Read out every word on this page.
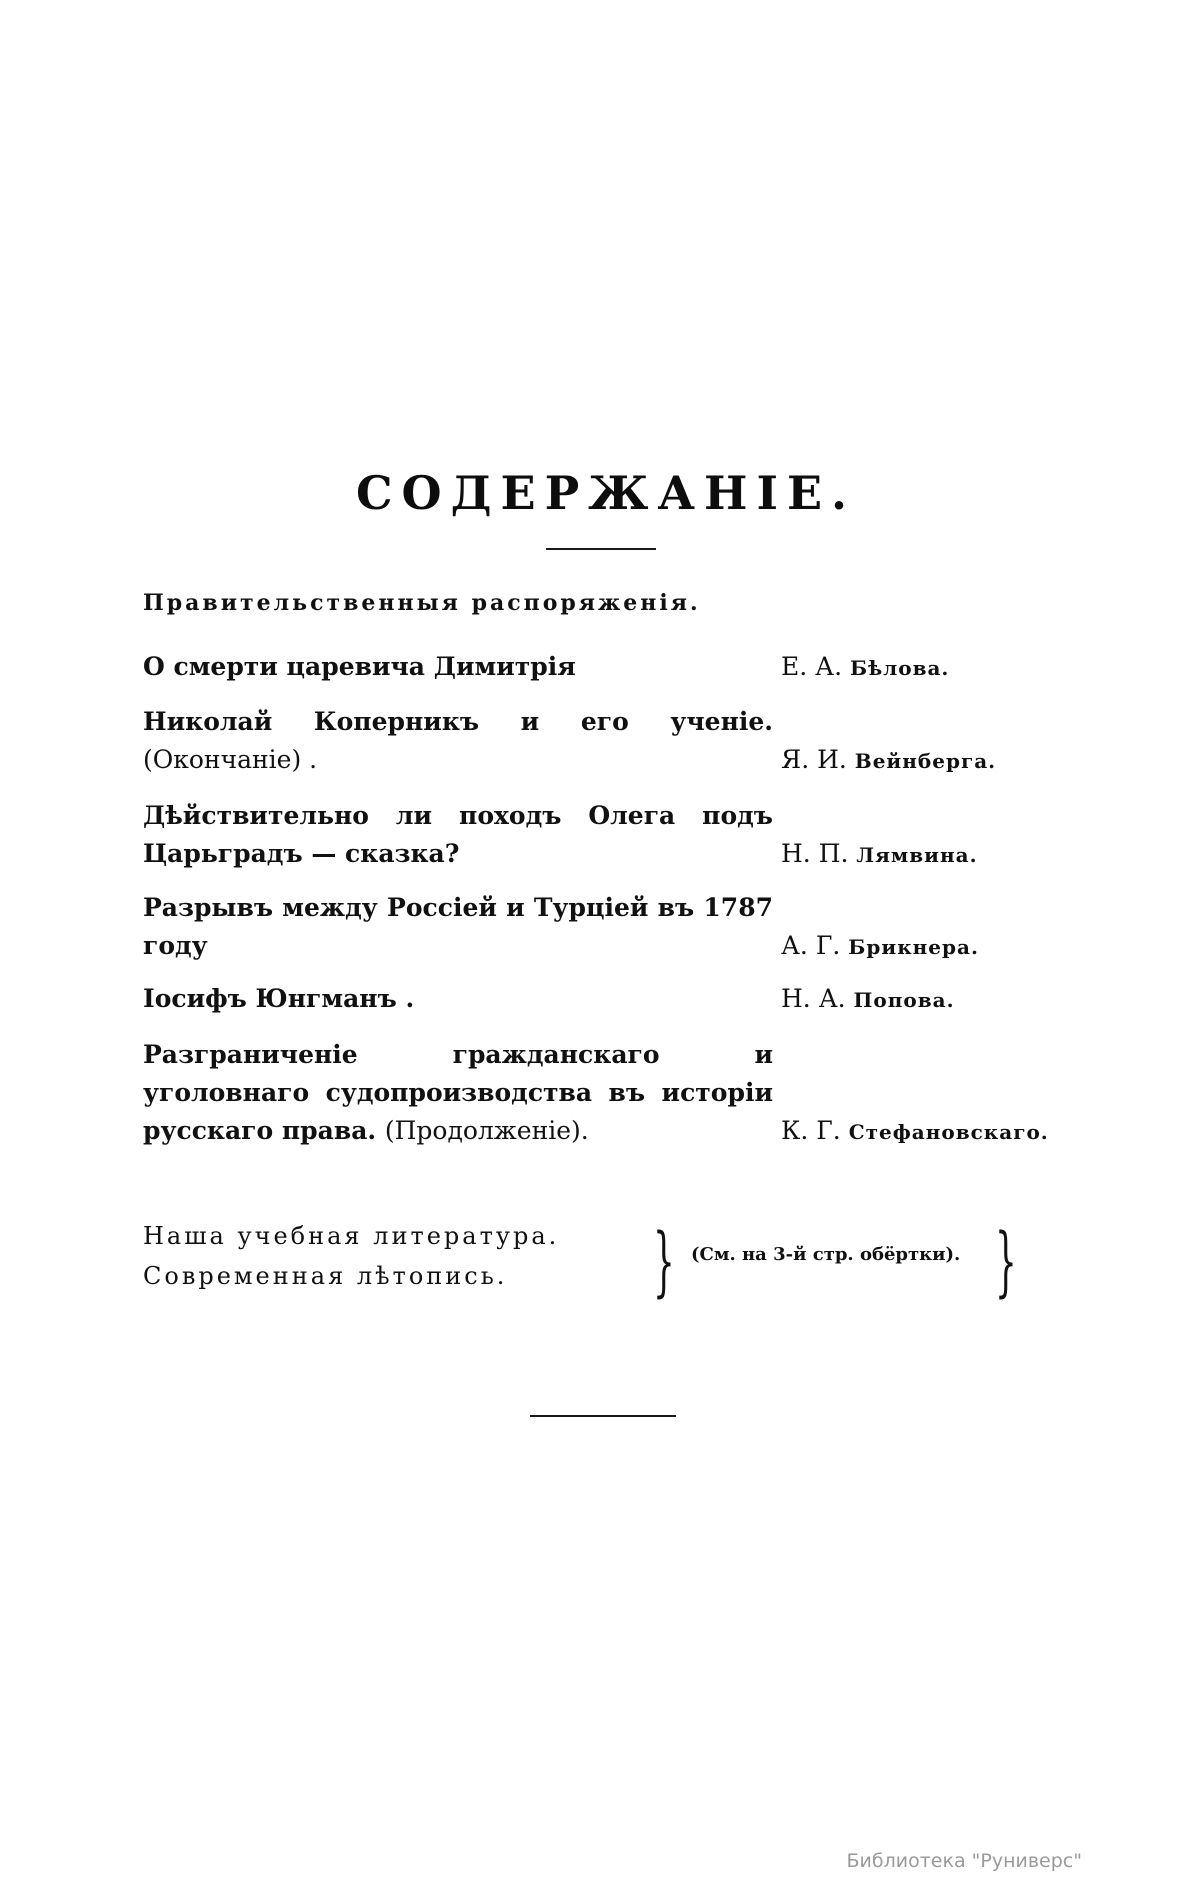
СОДЕРЖАНІЕ.
Правительственныя распоряженія.
О смерти царевича Димитрія	Е. А. Бѣлова.
Николай Коперникъ и его ученіе. (Окончаніе) .	Я. И. Вейнберга.
Дѣйствительно ли походъ Олега подъ Царьградъ — сказка?	Н. П. Лямвина.
Разрывъ между Россіей и Турціей въ 1787 году	А. Г. Брикнера.
Іосифъ Юнгманъ .	Н. А. Попова.
Разграниченіе гражданскаго и уголовнаго судопроизводства въ исторіи русскаго права. (Продолженіе).	К. Г. Стефановскаго.
Наша учебная литература.
Современная лѣтопись. } (См. на 3-й стр. обёртки). }
Библиотека "Руниверс"
